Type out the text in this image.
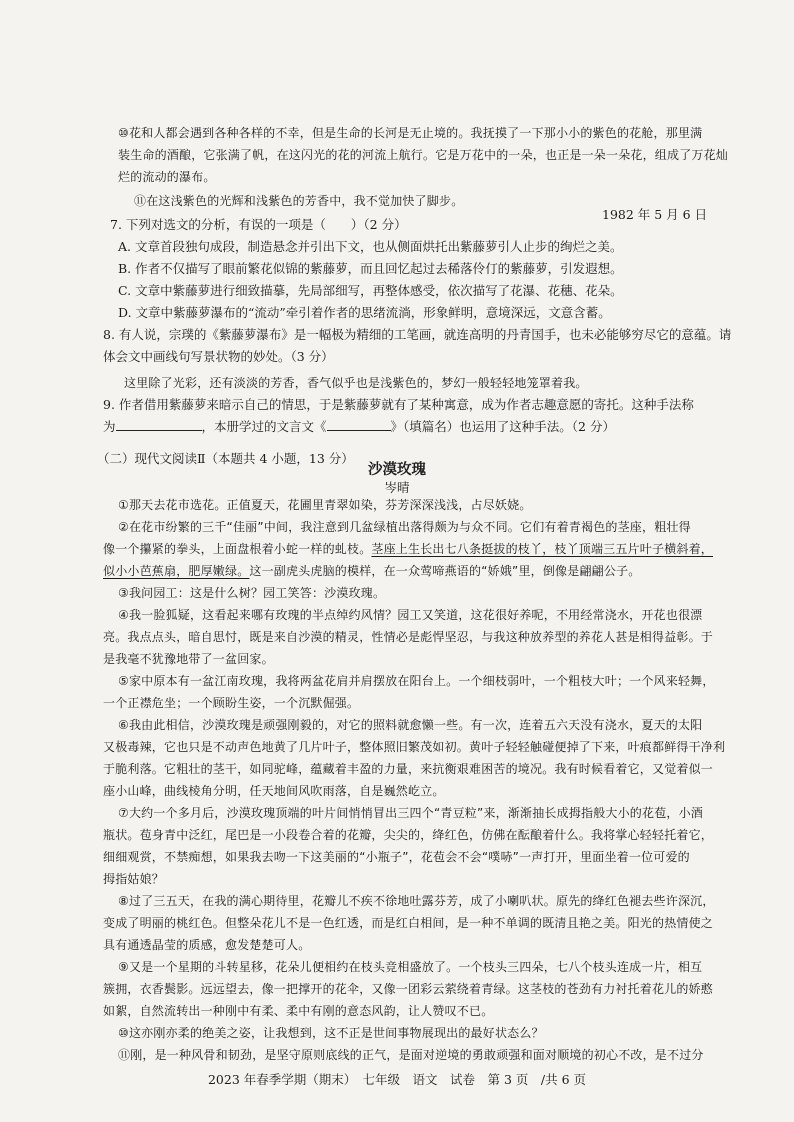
⑩花和人都会遇到各种各样的不幸，但是生命的长河是无止境的。我抚摸了一下那小小的紫色的花舱，那里满
装生命的酒酿，它张满了帆，在这闪光的花的河流上航行。它是万花中的一朵，也正是一朵一朵花，组成了万花灿
烂的流动的瀑布。
⑪在这浅紫色的光辉和浅紫色的芳香中，我不觉加快了脚步。
1982 年 5 月 6 日
7. 下列对选文的分析，有误的一项是（　　）（2 分）
A. 文章首段独句成段，制造悬念并引出下文，也从侧面烘托出紫藤萝引人止步的绚烂之美。
B. 作者不仅描写了眼前繁花似锦的紫藤萝，而且回忆起过去稀落伶仃的紫藤萝，引发遐想。
C. 文章中紫藤萝进行细致描摹，先局部细写，再整体感受，依次描写了花瀑、花穗、花朵。
D. 文章中紫藤萝瀑布的“流动”牵引着作者的思绪流淌，形象鲜明，意境深远，文意含蓄。
8. 有人说，宗璞的《紫藤萝瀑布》是一幅极为精细的工笔画，就连高明的丹青国手，也未必能够穷尽它的意蕴。请
体会文中画线句写景状物的妙处。（3 分）
这里除了光彩，还有淡淡的芳香，香气似乎也是浅紫色的，梦幻一般轻轻地笼罩着我。
9. 作者借用紫藤萝来暗示自己的情思，于是紫藤萝就有了某种寓意，成为作者志趣意愿的寄托。这种手法称
为	，本册学过的文言文《	》（填篇名）也运用了这种手法。（2 分）
（二）现代文阅读Ⅱ（本题共 4 小题，13 分）
沙漠玫瑰
岑晴
①那天去花市选花。正值夏天，花圃里青翠如染，芬芳深深浅浅，占尽妖娆。
②在花市纷繁的三千“佳丽”中间，我注意到几盆绿植出落得颇为与众不同。它们有着青褐色的茎座，粗壮得
像一个攥紧的拳头，上面盘根着小蛇一样的虬枝。茎座上生长出七八条挺拔的枝丫，枝丫顶端三五片叶子横斜着，
似小小芭蕉扇，肥厚嫩绿。这一副虎头虎脑的模样，在一众莺啼燕语的“娇娥”里，倒像是翩翩公子。
③我问园工：这是什么树？园工笑答：沙漠玫瑰。
④我一脸狐疑，这看起来哪有玫瑰的半点绰约风情？园工又笑道，这花很好养呢，不用经常浇水，开花也很漂
亮。我点点头，暗自思忖，既是来自沙漠的精灵，性情必是彪悍坚忍，与我这种放养型的养花人甚是相得益彰。于
是我毫不犹豫地带了一盆回家。
⑤家中原本有一盆江南玫瑰，我将两盆花肩并肩摆放在阳台上。一个细枝弱叶，一个粗枝大叶；一个风来轻舞，
一个正襟危坐；一个顾盼生姿，一个沉默倔强。
⑥我由此相信，沙漠玫瑰是顽强刚毅的，对它的照料就愈懒一些。有一次，连着五六天没有浇水，夏天的太阳
又极毒辣，它也只是不动声色地黄了几片叶子，整体照旧繁茂如初。黄叶子轻轻触碰便掉了下来，叶痕都鲜得干净利
于脆利落。它粗壮的茎干，如同驼峰，蕴藏着丰盈的力量，来抗衡艰难困苦的境况。我有时候看着它，又觉着似一
座小山峰，曲线棱角分明，任天地间风吹雨落，自是巍然屹立。
⑦大约一个多月后，沙漠玫瑰顶端的叶片间悄悄冒出三四个“青豆粒”来，渐渐抽长成拇指般大小的花苞，小酒
瓶状。苞身青中泛红，尾巴是一小段卷合着的花瓣，尖尖的，绛红色，仿佛在酝酿着什么。我将掌心轻轻托着它，
细细观赏，不禁痴想，如果我去吻一下这美丽的“小瓶子”，花苞会不会“噗哧”一声打开，里面坐着一位可爱的
拇指姑娘？
⑧过了三五天，在我的满心期待里，花瓣儿不疾不徐地吐露芬芳，成了小喇叭状。原先的绛红色褪去些许深沉，
变成了明丽的桃红色。但整朵花儿不是一色红透，而是红白相间，是一种不单调的既清且艳之美。阳光的热情使之
具有通透晶莹的质感，愈发楚楚可人。
⑨又是一个星期的斗转星移，花朵儿便相约在枝头竞相盛放了。一个枝头三四朵，七八个枝头连成一片，相互
簇拥，衣香鬓影。远远望去，像一把撑开的花伞，又像一团彩云萦绕着青绿。这茎枝的苍劲有力衬托着花儿的娇憨
如絮，自然流转出一种刚中有柔、柔中有刚的意态风韵，让人赞叹不已。
⑩这亦刚亦柔的绝美之姿，让我想到，这不正是世间事物展现出的最好状态么？
⑪刚，是一种风骨和韧劲，是坚守原则底线的正气，是面对逆境的勇敢顽强和面对顺境的初心不改，是不过分
2023 年春季学期（期末）　七年级　语文　试卷　第 3 页　/共 6 页
